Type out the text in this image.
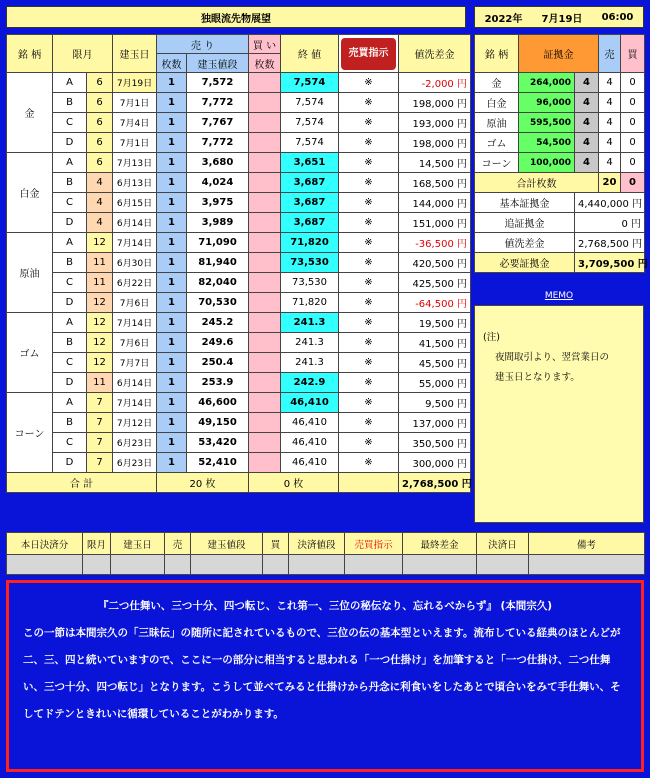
独眼流先物展望	2022年 7月19日 06:00
銘 柄	限月		建玉日	売 り		買 い	終 値	売買指示	値洗差金
				枚数	建玉値段	枚数			
金	A	6	7月19日	1	7,572		7,574	※	-2,000 円
	B	6	7月1日	1	7,772		7,574	※	198,000 円
	C	6	7月4日	1	7,767		7,574	※	193,000 円
	D	6	7月1日	1	7,772		7,574	※	198,000 円
白金	A	6	7月13日	1	3,680		3,651	※	14,500 円
	B	4	6月13日	1	4,024		3,687	※	168,500 円
	C	4	6月15日	1	3,975		3,687	※	144,000 円
	D	4	6月14日	1	3,989		3,687	※	151,000 円
原油	A	12	7月14日	1	71,090		71,820	※	-36,500 円
	B	11	6月30日	1	81,940		73,530	※	420,500 円
	C	11	6月22日	1	82,040		73,530	※	425,500 円
	D	12	7月6日	1	70,530		71,820	※	-64,500 円
ゴム	A	12	7月14日	1	245.2		241.3	※	19,500 円
	B	12	7月6日	1	249.6		241.3	※	41,500 円
	C	12	7月7日	1	250.4		241.3	※	45,500 円
	D	11	6月14日	1	253.9		242.9	※	55,000 円
コーン	A	7	7月14日	1	46,600		46,410	※	9,500 円
	B	7	7月12日	1	49,150		46,410	※	137,000 円
	C	7	6月23日	1	53,420		46,410	※	350,500 円
	D	7	6月23日	1	52,410		46,410	※	300,000 円
合 計				20 枚		0 枚			2,768,500 円
銘 柄	証拠金		売	買
金	264,000	4	4	0
白金	96,000	4	4	0
原油	595,500	4	4	0
ゴム	54,500	4	4	0
コーン	100,000	4	4	0
合計枚数			20	0
基本証拠金		4,440,000 円		
追証拠金		0 円		
値洗差金		2,768,500 円		
必要証拠金		3,709,500 円		
MEMO
(注)
夜間取引より、翌営業日の
建玉日となります。
本日決済分	限月	建玉日	売	建玉値段	買	決済値段	売買指示	最終差金	決済日	備考

『二つ仕舞い、三つ十分、四つ転じ、これ第一、三位の秘伝なり、忘れるべからず』 (本間宗久)
この一節は本間宗久の「三昧伝」の随所に記されているもので、三位の伝の基本型といえます。流布している経典のほとんどが二、三、四と続いていますので、ここに一の部分に相当すると思われる「一つ仕掛け」を加筆すると「一つ仕掛け、二つ仕舞い、三つ十分、四つ転じ」となります。こうして並べてみると仕掛けから丹念に利食いをしたあとで頃合いをみて手仕舞い、そしてドテンときれいに循環していることがわかります。
